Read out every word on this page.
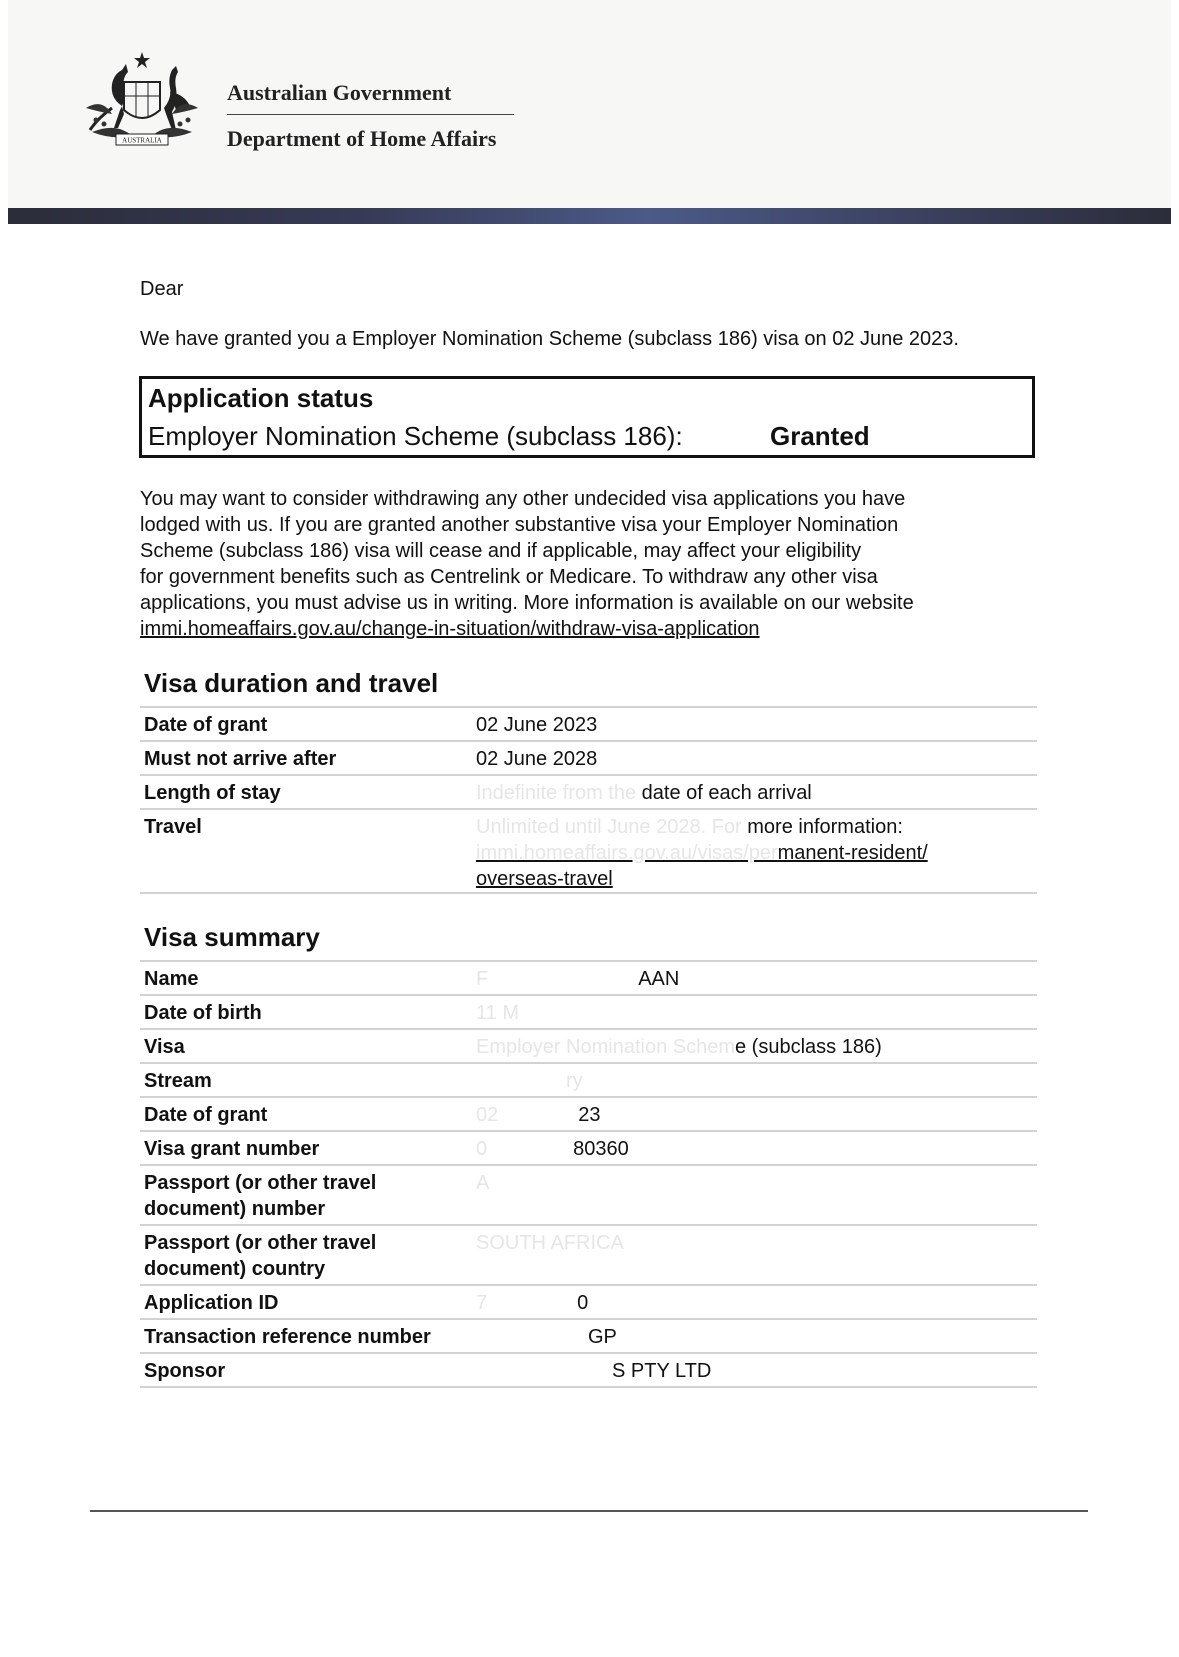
AUSTRALIA
Australian Government
Department of Home Affairs
Dear
We have granted you a Employer Nomination Scheme (subclass 186) visa on 02 June 2023.
Application status
Employer Nomination Scheme (subclass 186):	Granted
You may want to consider withdrawing any other undecided visa applications you have
lodged with us. If you are granted another substantive visa your Employer Nomination
Scheme (subclass 186) visa will cease and if applicable, may affect your eligibility
for government benefits such as Centrelink or Medicare. To withdraw any other visa
applications, you must advise us in writing. More information is available on our website
immi.homeaffairs.gov.au/change-in-situation/withdraw-visa-application
Visa duration and travel
Date of grant	02 June 2023
Must not arrive after	02 June 2028
Length of stay	Indefinite from the date of each arrival
Travel	Unlimited until June 2028. For more information:
immi.homeaffairs.gov.au/visas/permanent-resident/
overseas-travel
Visa summary
Name	F	AAN
Date of birth	11 M
Visa	Employer Nomination Scheme (subclass 186)
Stream	ry
Date of grant	02	23
Visa grant number	0	80360
Passport (or other travel
document) number
A
Passport (or other travel
document) country
SOUTH AFRICA
Application ID	7	0
Transaction reference number	GP
Sponsor	S PTY LTD
